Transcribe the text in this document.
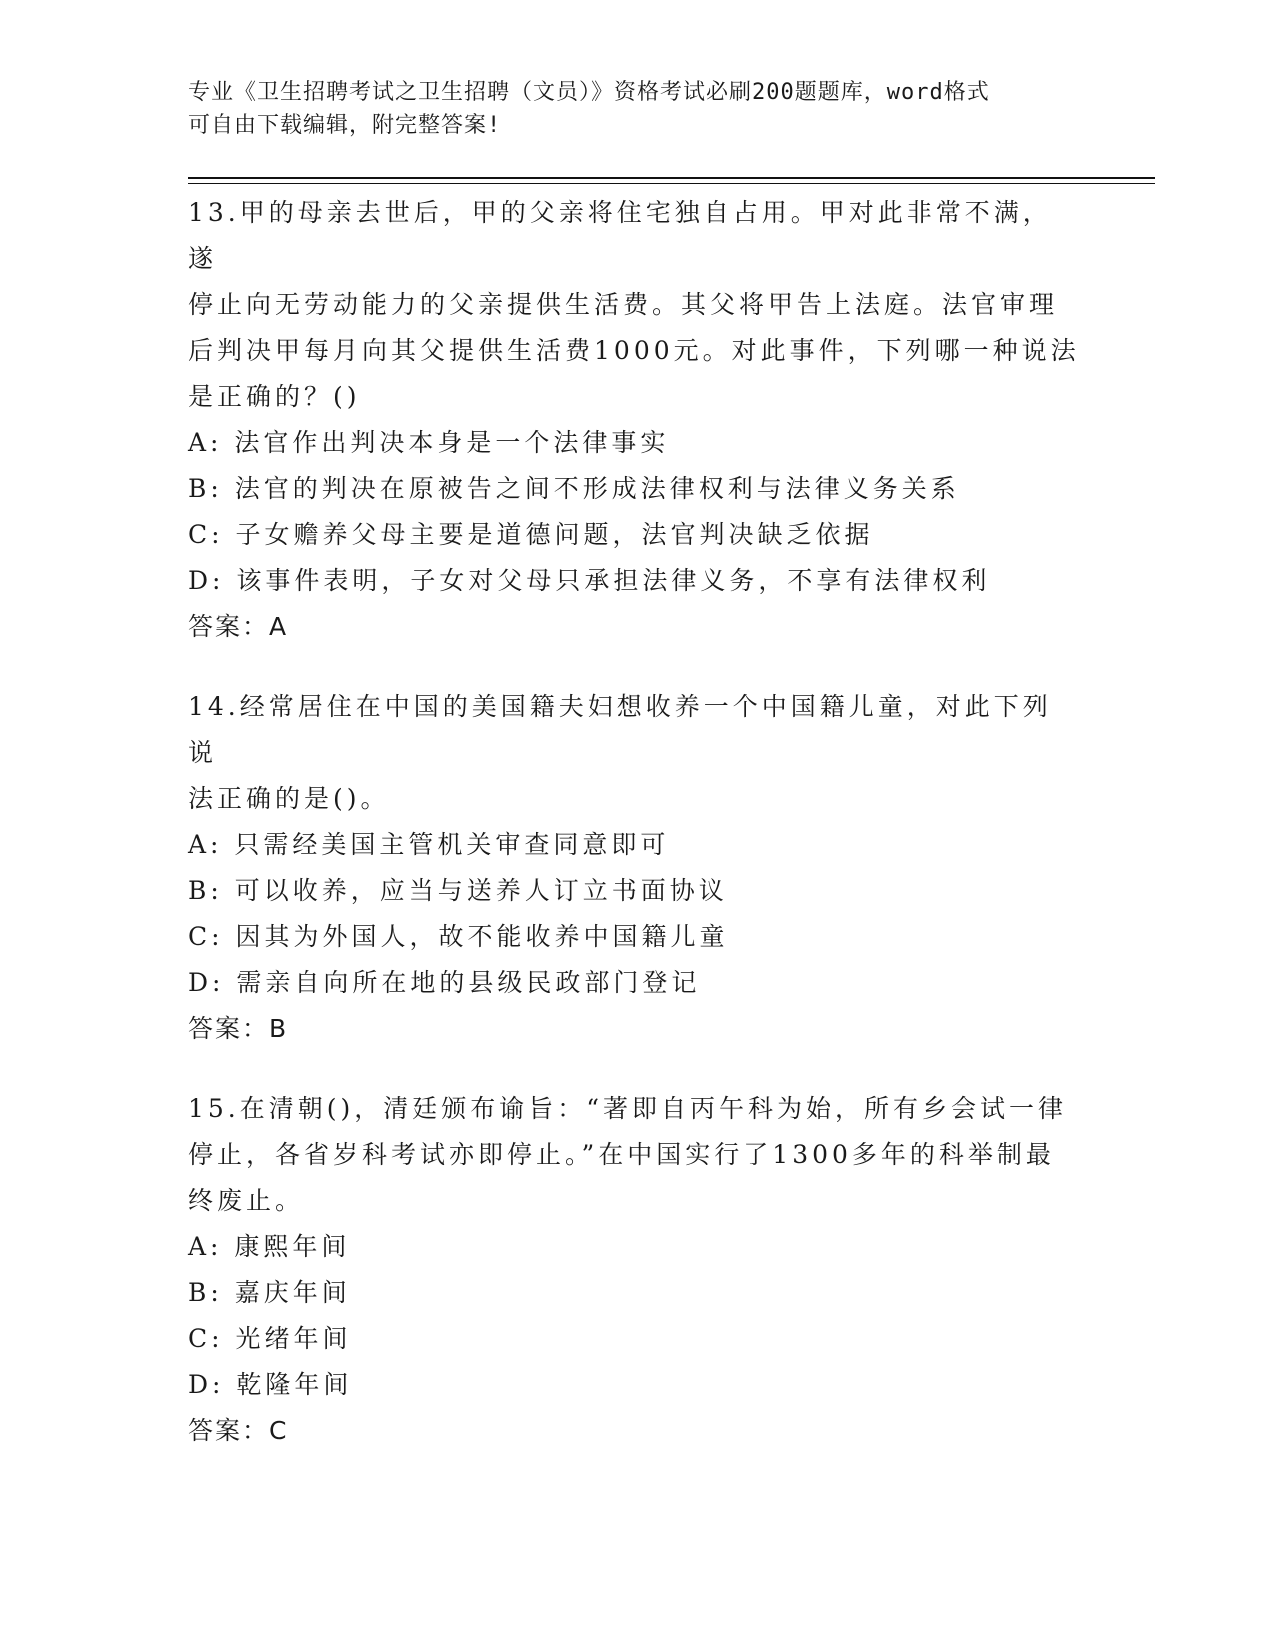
专业《卫生招聘考试之卫生招聘（文员）》资格考试必刷200题题库，word格式
可自由下载编辑，附完整答案!
13.甲的母亲去世后，甲的父亲将住宅独自占用。甲对此非常不满，遂
停止向无劳动能力的父亲提供生活费。其父将甲告上法庭。法官审理
后判决甲每月向其父提供生活费1000元。对此事件，下列哪一种说法
是正确的？()
A: 法官作出判决本身是一个法律事实
B: 法官的判决在原被告之间不形成法律权利与法律义务关系
C: 子女赡养父母主要是道德问题，法官判决缺乏依据
D: 该事件表明，子女对父母只承担法律义务，不享有法律权利
答案：A
14.经常居住在中国的美国籍夫妇想收养一个中国籍儿童，对此下列说
法正确的是()。
A: 只需经美国主管机关审查同意即可
B: 可以收养，应当与送养人订立书面协议
C: 因其为外国人，故不能收养中国籍儿童
D: 需亲自向所在地的县级民政部门登记
答案：B
15.在清朝()，清廷颁布谕旨：“著即自丙午科为始，所有乡会试一律
停止，各省岁科考试亦即停止。”在中国实行了1300多年的科举制最
终废止。
A: 康熙年间
B: 嘉庆年间
C: 光绪年间
D: 乾隆年间
答案：C
